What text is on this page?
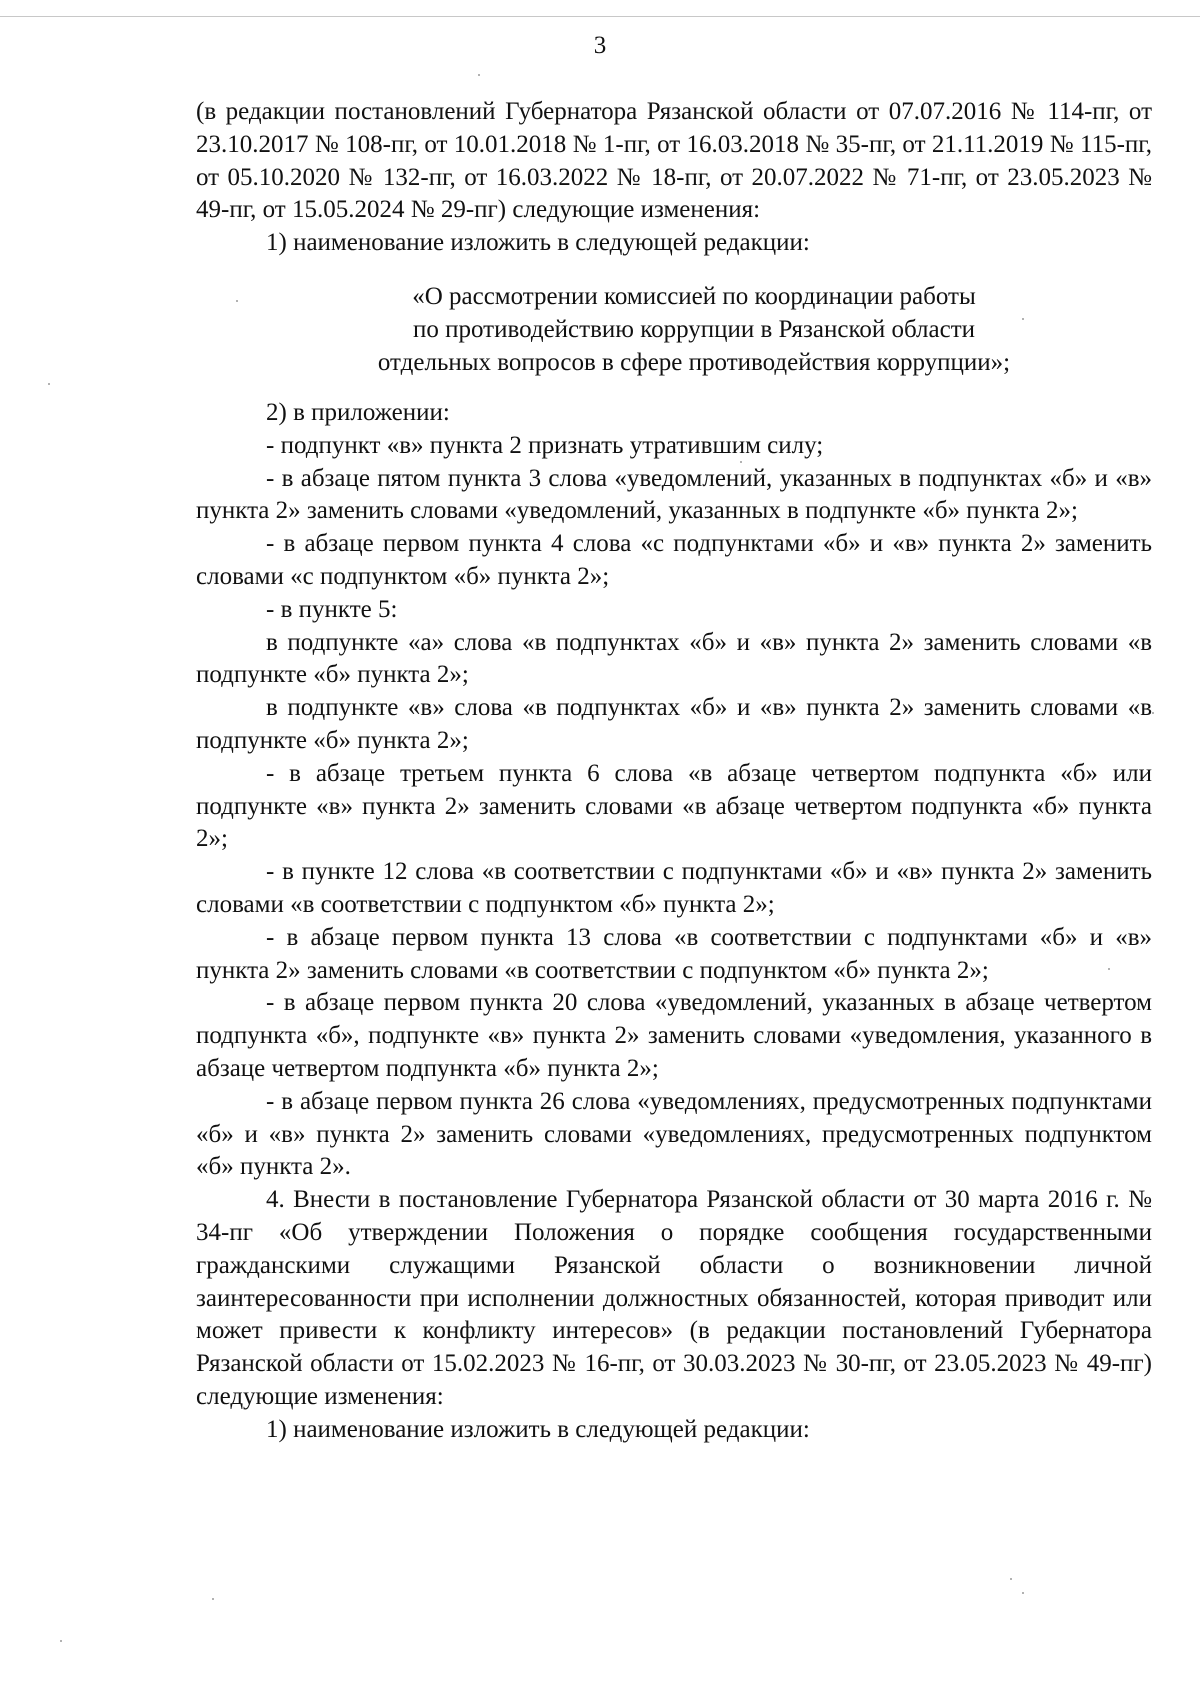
3

(в редакции постановлений Губернатора Рязанской области от 07.07.2016 № 114-пг, от 23.10.2017 № 108-пг, от 10.01.2018 № 1-пг, от 16.03.2018 № 35-пг, от 21.11.2019 № 115-пг, от 05.10.2020 № 132-пг, от 16.03.2022 № 18-пг, от 20.07.2022 № 71-пг, от 23.05.2023 № 49-пг, от 15.05.2024 № 29-пг) следующие изменения:

1) наименование изложить в следующей редакции:

«О рассмотрении комиссией по координации работы
по противодействию коррупции в Рязанской области
отдельных вопросов в сфере противодействия коррупции»;

2) в приложении:

- подпункт «в» пункта 2 признать утратившим силу;

- в абзаце пятом пункта 3 слова «уведомлений, указанных в подпунктах «б» и «в» пункта 2» заменить словами «уведомлений, указанных в подпункте «б» пункта 2»;

- в абзаце первом пункта 4 слова «с подпунктами «б» и «в» пункта 2» заменить словами «с подпунктом «б» пункта 2»;

- в пункте 5:

в подпункте «а» слова «в подпунктах «б» и «в» пункта 2» заменить словами «в подпункте «б» пункта 2»;

в подпункте «в» слова «в подпунктах «б» и «в» пункта 2» заменить словами «в подпункте «б» пункта 2»;

- в абзаце третьем пункта 6 слова «в абзаце четвертом подпункта «б» или подпункте «в» пункта 2» заменить словами «в абзаце четвертом подпункта «б» пункта 2»;

- в пункте 12 слова «в соответствии с подпунктами «б» и «в» пункта 2» заменить словами «в соответствии с подпунктом «б» пункта 2»;

- в абзаце первом пункта 13 слова «в соответствии с подпунктами «б» и «в» пункта 2» заменить словами «в соответствии с подпунктом «б» пункта 2»;

- в абзаце первом пункта 20 слова «уведомлений, указанных в абзаце четвертом подпункта «б», подпункте «в» пункта 2» заменить словами «уведомления, указанного в абзаце четвертом подпункта «б» пункта 2»;

- в абзаце первом пункта 26 слова «уведомлениях, предусмотренных подпунктами «б» и «в» пункта 2» заменить словами «уведомлениях, предусмотренных подпунктом «б» пункта 2».

4. Внести в постановление Губернатора Рязанской области от 30 марта 2016 г. № 34-пг «Об утверждении Положения о порядке сообщения государственными гражданскими служащими Рязанской области о возникновении личной заинтересованности при исполнении должностных обязанностей, которая приводит или может привести к конфликту интересов» (в редакции постановлений Губернатора Рязанской области от 15.02.2023 № 16-пг, от 30.03.2023 № 30-пг, от 23.05.2023 № 49-пг) следующие изменения:

1) наименование изложить в следующей редакции:
